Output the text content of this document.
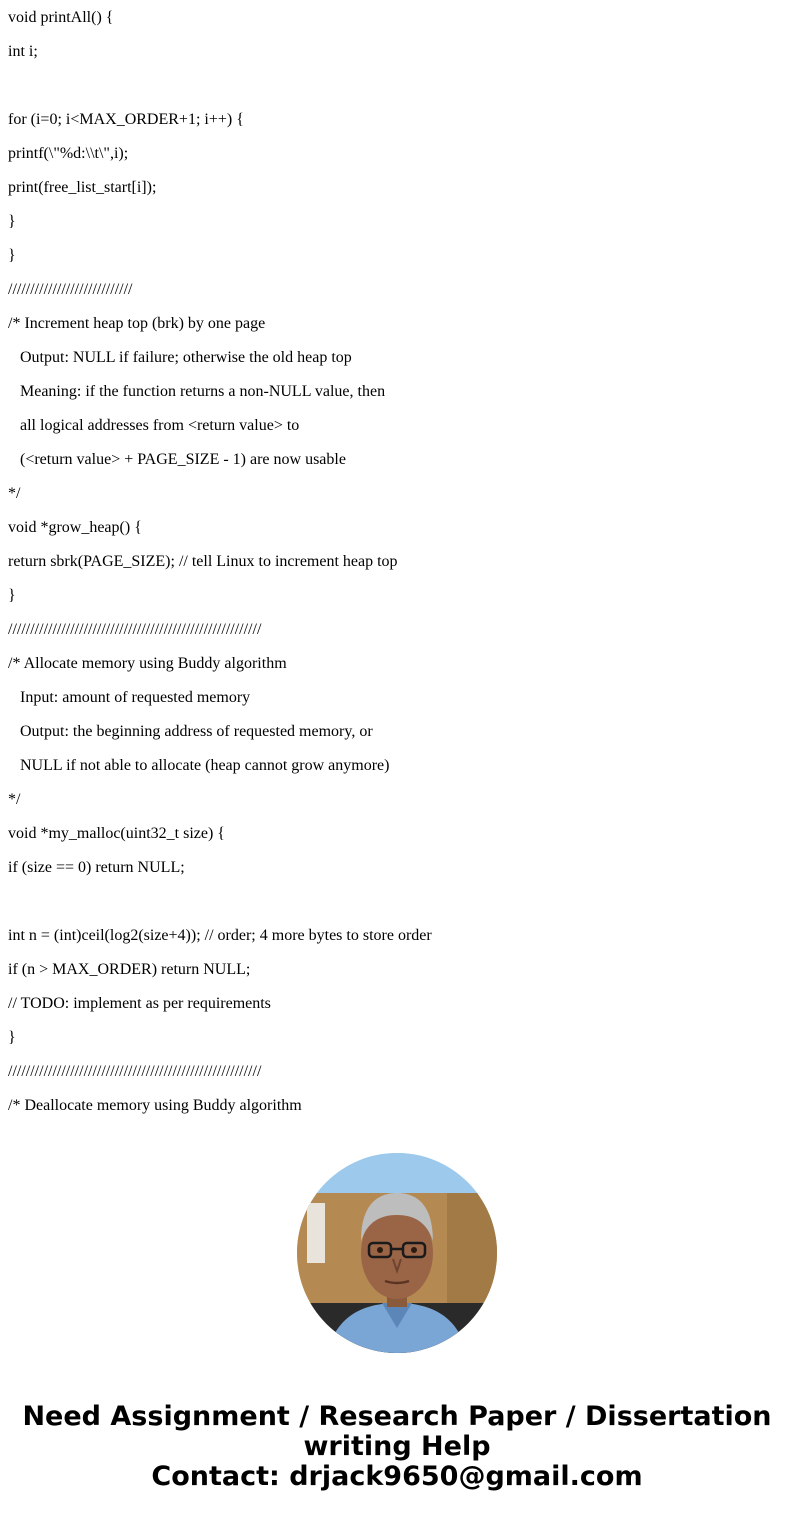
void printAll() {
int i;
for (i=0; i<MAX_ORDER+1; i++) {
printf(\"%d:\\t\",i);
print(free_list_start[i]);
}
}
////////////////////////////
/* Increment heap top (brk) by one page
Output: NULL if failure; otherwise the old heap top
Meaning: if the function returns a non-NULL value, then
all logical addresses from <return value> to
(<return value> + PAGE_SIZE - 1) are now usable
*/
void *grow_heap() {
return sbrk(PAGE_SIZE); // tell Linux to increment heap top
}
/////////////////////////////////////////////////////////
/* Allocate memory using Buddy algorithm
Input: amount of requested memory
Output: the beginning address of requested memory, or
NULL if not able to allocate (heap cannot grow anymore)
*/
void *my_malloc(uint32_t size) {
if (size == 0) return NULL;
int n = (int)ceil(log2(size+4)); // order; 4 more bytes to store order
if (n > MAX_ORDER) return NULL;
// TODO: implement as per requirements
}
/////////////////////////////////////////////////////////
/* Deallocate memory using Buddy algorithm
Need Assignment / Research Paper / Dissertation
writing Help
Contact: drjack9650@gmail.com
